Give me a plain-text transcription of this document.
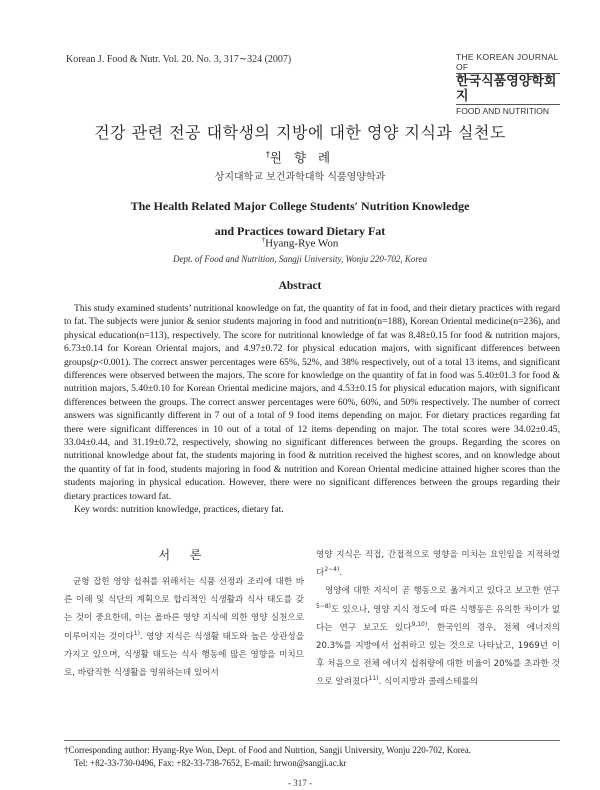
Korean J. Food & Nutr. Vol. 20. No. 3, 317∼324 (2007)	THE KOREAN JOURNAL OF
한국식품영양학회지
FOOD AND NUTRITION
건강 관련 전공 대학생의 지방에 대한 영양 지식과 실천도
†원 향 례
상지대학교 보건과학대학 식품영양학과
The Health Related Major College Students′ Nutrition Knowledge
and Practices toward Dietary Fat
†Hyang-Rye Won
Dept. of Food and Nutrition, Sangji University, Wonju 220-702, Korea
Abstract
This study examined students’ nutritional knowledge on fat, the quantity of fat in food, and their dietary practices with regard to fat. The subjects were junior & senior students majoring in food and nutrition(n=188), Korean Oriental medicine(n=236), and physical education(n=113), respectively. The score for nutritional knowledge of fat was 8.48±0.15 for food & nutrition majors, 6.73±0.14 for Korean Oriental majors, and 4.97±0.72 for physical education majors, with significant differences between groups(p<0.001). The correct answer percentages were 65%, 52%, and 38% respectively, out of a total 13 items, and significant differences were observed between the majors. The score for knowledge on the quantity of fat in food was 5.40±01.3 for food & nutrition majors, 5.40±0.10 for Korean Oriental medicine majors, and 4.53±0.15 for physical education majors, with significant differences between the groups. The correct answer percentages were 60%, 60%, and 50% respectively. The number of correct answers was significantly different in 7 out of a total of 9 food items depending on major. For dietary practices regarding fat there were significant differences in 10 out of a total of 12 items depending on major. The total scores were 34.02±0.45, 33.04±0.44, and 31.19±0.72, respectively, showing no significant differences between the groups. Regarding the scores on nutritional knowledge about fat, the students majoring in food & nutrition received the highest scores, and on knowledge about the quantity of fat in food, students majoring in food & nutrition and Korean Oriental medicine attained higher scores than the students majoring in physical education. However, there were no significant differences between the groups regarding their dietary practices toward fat.
Key words: nutrition knowledge, practices, dietary fat.
서 론

균형 잡힌 영양 섭취를 위해서는 식품 선정과 조리에 대한 바른 이해 및 식단의 계획으로 합리적인 식생활과 식사 태도를 갖는 것이 중요한데, 이는 올바른 영양 지식에 의한 영양 실천으로 이루어지는 것이다$^{1)}$. 영양 지식은 식생활 태도와 높은 상관성을 가지고 있으며, 식생활 태도는 식사 행동에 많은 영향을 미치므로, 바람직한 식생활을 영위하는데 있어서

영양 지식은 직접, 간접적으로 영향을 미치는 요인임을 지적하였다$^{2\sim 4)}$.

영양에 대한 지식이 곧 행동으로 옮겨지고 있다고 보고한 연구$^{5\sim 8)}$도 있으나, 영양 지식 정도에 따른 식행동은 유의한 차이가 없다는 연구 보고도 있다$^{9,10)}$. 한국인의 경우, 전체 에너지의 20.3%를 지방에서 섭취하고 있는 것으로 나타났고, 1969년 이후 처음으로 전체 에너지 섭취량에 대한 비율이 20%를 초과한 것으로 알려졌다$^{11)}$. 식이지방과 콜레스테롤의

†Corresponding author: Hyang-Rye Won, Dept. of Food and Nutrtion, Sangji University, Wonju 220-702, Korea.
Tel: +82-33-730-0496, Fax: +82-33-738-7652, E-mail: hrwon@sangji.ac.kr
- 317 -
